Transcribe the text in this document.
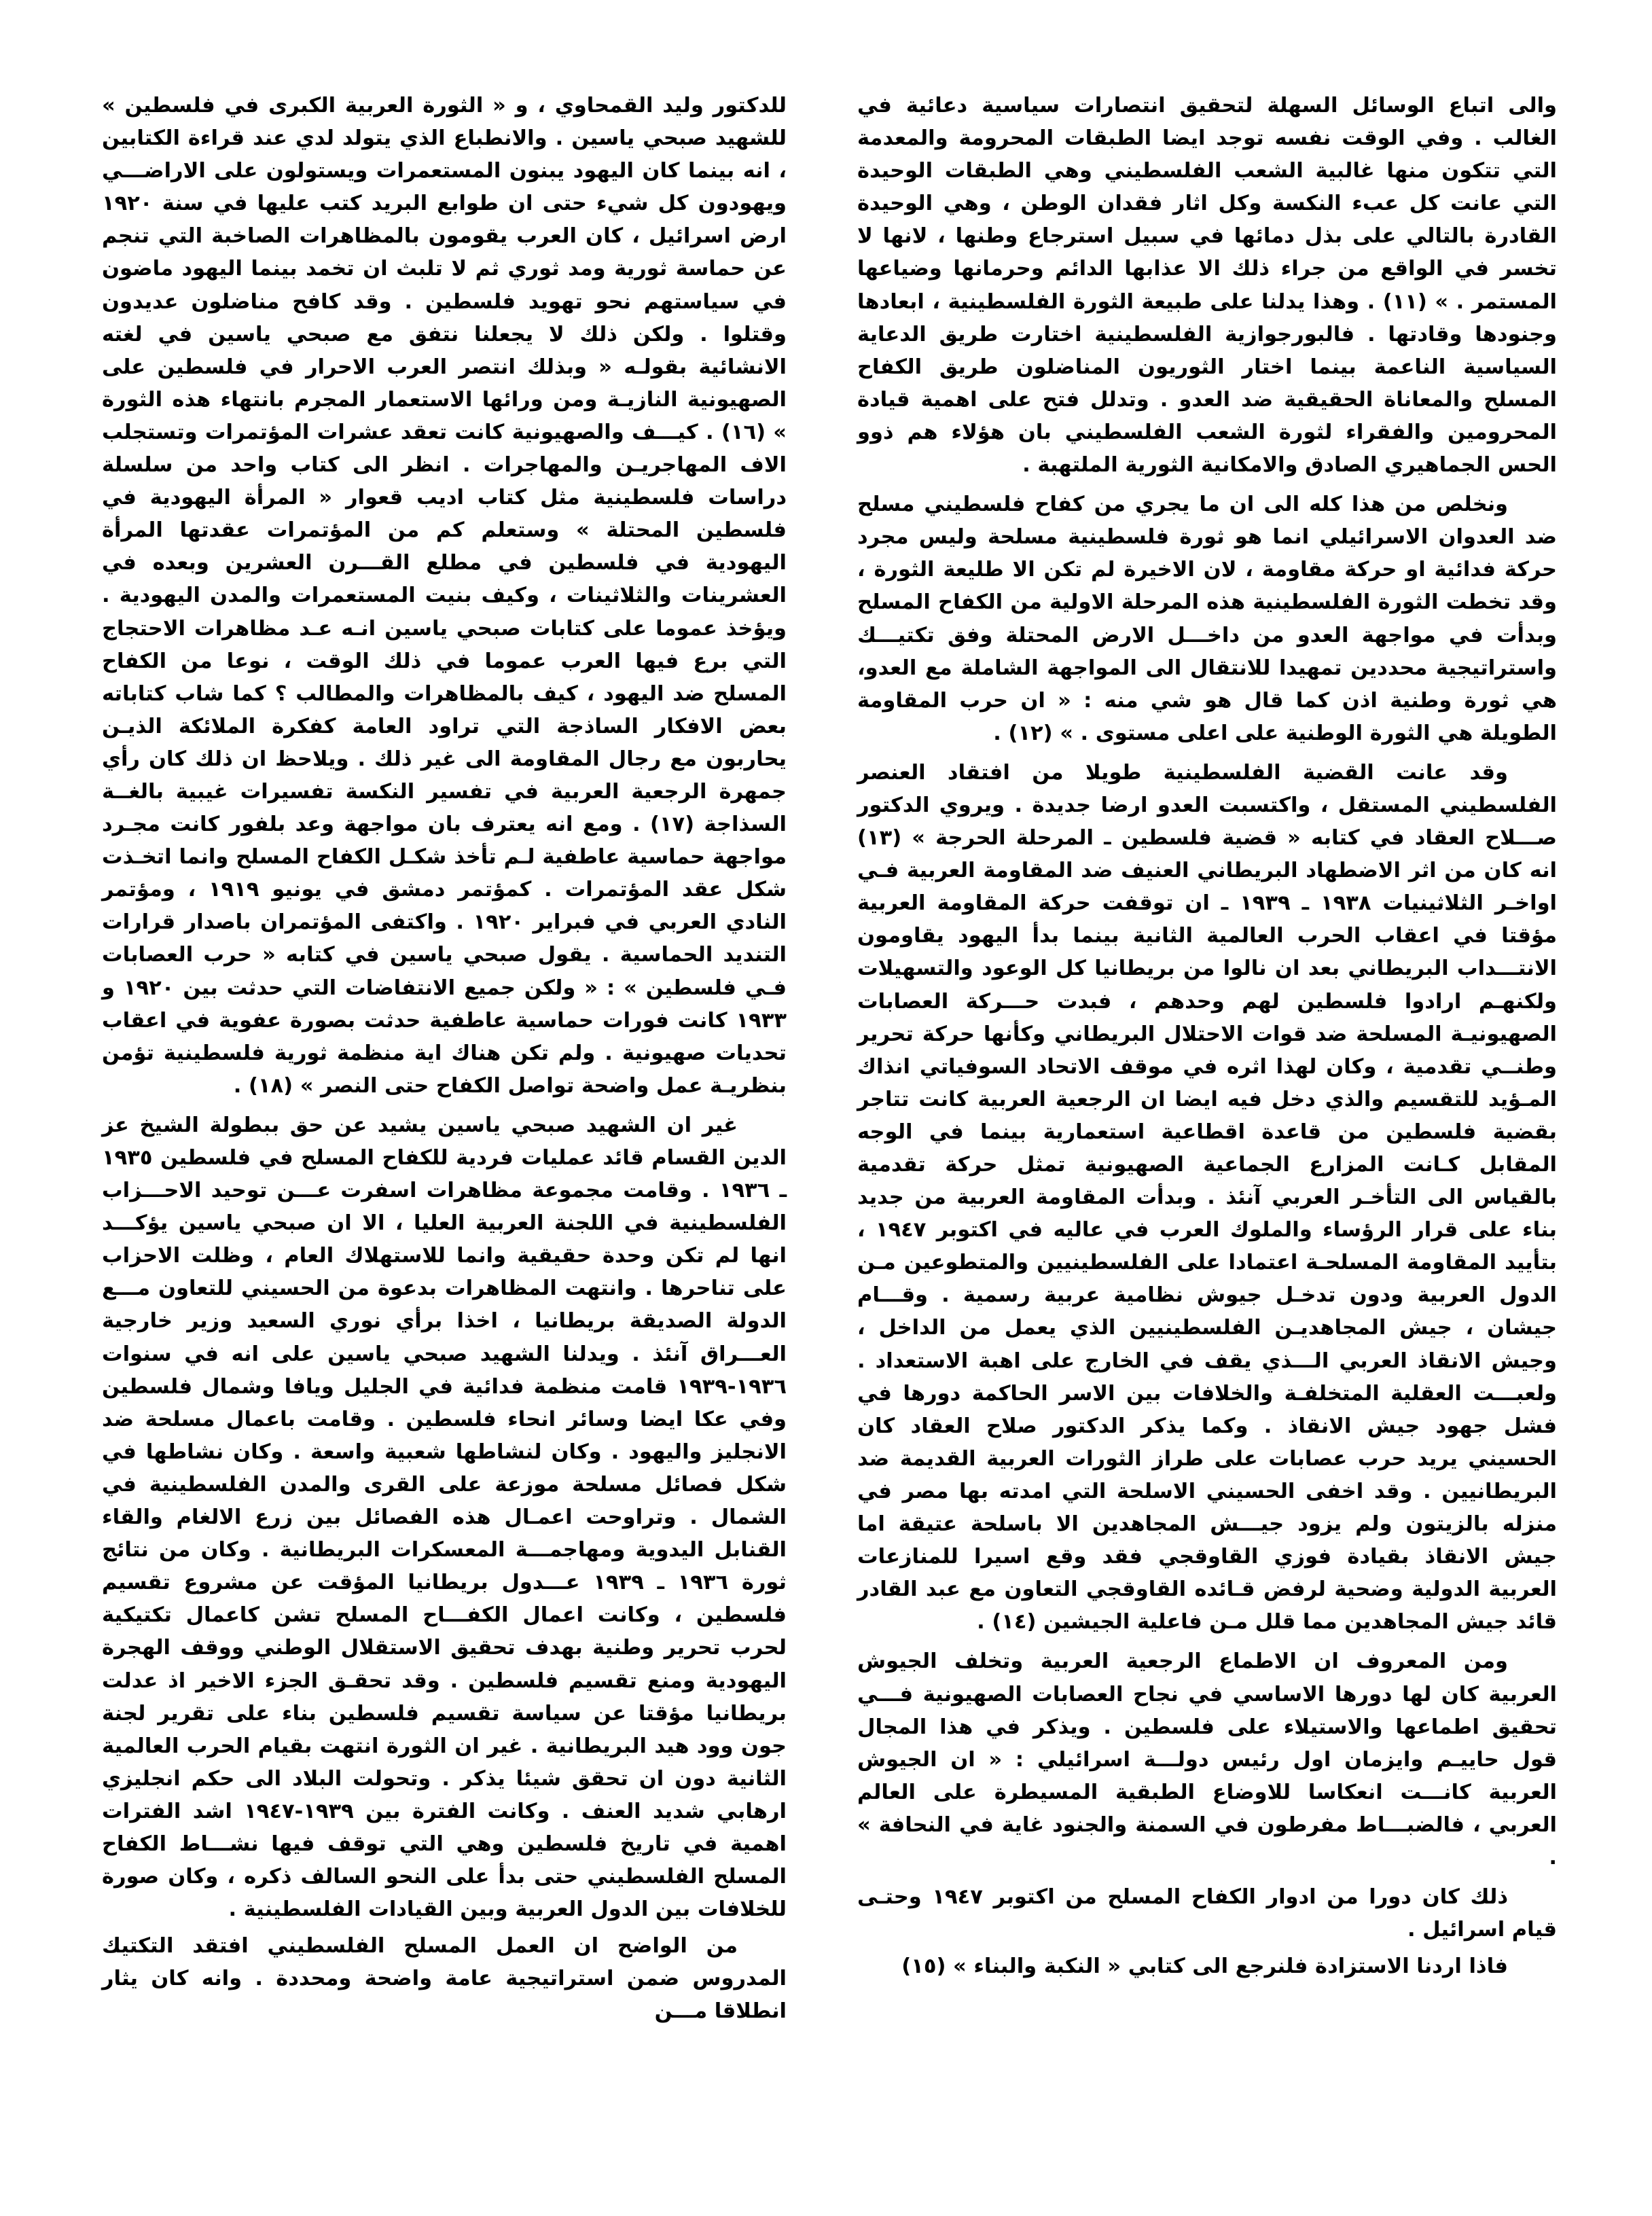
والى اتباع الوسائل السهلة لتحقيق انتصارات سياسية دعائية في الغالب . وفي الوقت نفسه توجد ايضا الطبقات المحرومة والمعدمة التي تتكون منها غالبية الشعب الفلسطيني وهي الطبقات الوحيدة التي عانت كل عبء النكسة وكل اثار فقدان الوطن ، وهي الوحيدة القادرة بالتالي على بذل دمائها في سبيل استرجاع وطنها ، لانها لا تخسر في الواقع من جراء ذلك الا عذابها الدائم وحرمانها وضياعها المستمر . » (١١) . وهذا يدلنا على طبيعة الثورة الفلسطينية ، ابعادها وجنودها وقادتها . فالبورجوازية الفلسطينية اختارت طريق الدعاية السياسية الناعمة بينما اختار الثوريون المناضلون طريق الكفاح المسلح والمعاناة الحقيقية ضد العدو . وتدلل فتح على اهمية قيادة المحرومين والفقراء لثورة الشعب الفلسطيني بان هؤلاء هم ذوو الحس الجماهيري الصادق والامكانية الثورية الملتهبة .

ونخلص من هذا كله الى ان ما يجري من كفاح فلسطيني مسلح ضد العدوان الاسرائيلي انما هو ثورة فلسطينية مسلحة وليس مجرد حركة فدائية او حركة مقاومة ، لان الاخيرة لم تكن الا طليعة الثورة ، وقد تخطت الثورة الفلسطينية هذه المرحلة الاولية من الكفاح المسلح وبدأت في مواجهة العدو من داخـــل الارض المحتلة وفق تكتيـــك واستراتيجية محددين تمهيدا للانتقال الى المواجهة الشاملة مع العدو، هي ثورة وطنية اذن كما قال هو شي منه : « ان حرب المقاومة الطويلة هي الثورة الوطنية على اعلى مستوى . » (١٢) .

وقد عانت القضية الفلسطينية طويلا من افتقاد العنصر الفلسطيني المستقل ، واكتسبت العدو ارضا جديدة . ويروي الدكتور صـــلاح العقاد في كتابه « قضية فلسطين ـ المرحلة الحرجة » (١٣) انه كان من اثر الاضطهاد البريطاني العنيف ضد المقاومة العربية فـي اواخـر الثلاثينيات ١٩٣٨ ـ ١٩٣٩ ـ ان توقفت حركة المقاومة العربية مؤقتا في اعقاب الحرب العالمية الثانية بينما بدأ اليهود يقاومون الانتـــداب البريطاني بعد ان نالوا من بريطانيا كل الوعود والتسهيلات ولكنهـم ارادوا فلسطين لهم وحدهم ، فبدت حـــركة العصابات الصهيونيـة المسلحة ضد قوات الاحتلال البريطاني وكأنها حركة تحرير وطنــي تقدمية ، وكان لهذا اثره في موقف الاتحاد السوفياتي انذاك المـؤيد للتقسيم والذي دخل فيه ايضا ان الرجعية العربية كانت تتاجر بقضية فلسطين من قاعدة اقطاعية استعمارية بينما في الوجه المقابل كـانت المزارع الجماعية الصهيونية تمثل حركة تقدمية بالقياس الى التأخـر العربي آنئذ . وبدأت المقاومة العربية من جديد بناء على قرار الرؤساء والملوك العرب في عاليه في اكتوبر ١٩٤٧ ، بتأييد المقاومة المسلحـة اعتمادا على الفلسطينيين والمتطوعين مـن الدول العربية ودون تدخـل جيوش نظامية عربية رسمية . وقـــام جيشان ، جيش المجاهديـن الفلسطينيين الذي يعمل من الداخل ، وجيش الانقاذ العربي الـــذي يقف في الخارج على اهبة الاستعداد . ولعبـــت العقلية المتخلفـة والخلافات بين الاسر الحاكمة دورها في فشل جهود جيش الانقاذ . وكما يذكر الدكتور صلاح العقاد كان الحسيني يريد حرب عصابات على طراز الثورات العربية القديمة ضد البريطانيين . وقد اخفى الحسيني الاسلحة التي امدته بها مصر في منزله بالزيتون ولم يزود جيـــش المجاهدين الا باسلحة عتيقة اما جيش الانقاذ بقيادة فوزي القاوقجي فقد وقع اسيرا للمنازعات العربية الدولية وضحية لرفض قـائده القاوقجي التعاون مع عبد القادر قائد جيش المجاهدين مما قلل مـن فاعلية الجيشين (١٤) .

ومن المعروف ان الاطماع الرجعية العربية وتخلف الجيوش العربية كان لها دورها الاساسي في نجاح العصابات الصهيونية فـــي تحقيق اطماعها والاستيلاء على فلسطين . ويذكر في هذا المجال قول حاييـم وايزمان اول رئيس دولـــة اسرائيلي : « ان الجيوش العربية كانـــت انعكاسا للاوضاع الطبقية المسيطرة على العالم العربي ، فالضبـــاط مفرطون في السمنة والجنود غاية في النحافة » .

ذلك كان دورا من ادوار الكفاح المسلح من اكتوبر ١٩٤٧ وحتـى قيام اسرائيل .

فاذا اردنا الاستزادة فلنرجع الى كتابي « النكبة والبناء » (١٥)

للدكتور وليد القمحاوي ، و « الثورة العربية الكبرى في فلسطين » للشهيد صبحي ياسين . والانطباع الذي يتولد لدي عند قراءة الكتابين ، انه بينما كان اليهود يبنون المستعمرات ويستولون على الاراضـــي ويهودون كل شيء حتى ان طوابع البريد كتب عليها في سنة ١٩٢٠ ارض اسرائيل ، كان العرب يقومون بالمظاهرات الصاخبة التي تنجم عن حماسة ثورية ومد ثوري ثم لا تلبث ان تخمد بينما اليهود ماضون في سياستهم نحو تهويد فلسطين . وقد كافح مناضلون عديدون وقتلوا . ولكن ذلك لا يجعلنا نتفق مع صبحي ياسين في لغته الانشائية بقولـه « وبذلك انتصر العرب الاحرار في فلسطين على الصهيونية النازيـة ومن ورائها الاستعمار المجرم بانتهاء هذه الثورة » (١٦) . كيـــف والصهيونية كانت تعقد عشرات المؤتمرات وتستجلب الاف المهاجريـن والمهاجرات . انظر الى كتاب واحد من سلسلة دراسات فلسطينية مثل كتاب اديب قعوار « المرأة اليهودية في فلسطين المحتلة » وستعلم كم من المؤتمرات عقدتها المرأة اليهودية في فلسطين في مطلع القـــرن العشرين وبعده في العشرينات والثلاثينات ، وكيف بنيت المستعمرات والمدن اليهودية . ويؤخذ عموما على كتابات صبحي ياسين انـه عـد مظاهرات الاحتجاج التي برع فيها العرب عموما في ذلك الوقت ، نوعا من الكفاح المسلح ضد اليهود ، كيف بالمظاهرات والمطالب ؟ كما شاب كتاباته بعض الافكار الساذجة التي تراود العامة كفكرة الملائكة الذيـن يحاربون مع رجال المقاومة الى غير ذلك . ويلاحظ ان ذلك كان رأي جمهرة الرجعية العربية في تفسير النكسة تفسيرات غيبية بالغــة السذاجة (١٧) . ومع انه يعترف بان مواجهة وعد بلفور كانت مجـرد مواجهة حماسية عاطفية لـم تأخذ شكـل الكفاح المسلح وانما اتخـذت شكل عقد المؤتمرات . كمؤتمر دمشق في يونيو ١٩١٩ ، ومؤتمر النادي العربي في فبراير ١٩٢٠ . واكتفى المؤتمران باصدار قرارات التنديد الحماسية . يقول صبحي ياسين في كتابه « حرب العصابات فـي فلسطين » : « ولكن جميع الانتفاضات التي حدثت بين ١٩٢٠ و ١٩٣٣ كانت فورات حماسية عاطفية حدثت بصورة عفوية في اعقاب تحديات صهيونية . ولم تكن هناك اية منظمة ثورية فلسطينية تؤمن بنظريـة عمل واضحة تواصل الكفاح حتى النصر » (١٨) .

غير ان الشهيد صبحي ياسين يشيد عن حق ببطولة الشيخ عز الدين القسام قائد عمليات فردية للكفاح المسلح في فلسطين ١٩٣٥ ـ ١٩٣٦ . وقامت مجموعة مظاهرات اسفرت عـــن توحيد الاحـــزاب الفلسطينية في اللجنة العربية العليا ، الا ان صبحي ياسين يؤكـــد انها لم تكن وحدة حقيقية وانما للاستهلاك العام ، وظلت الاحزاب على تناحرها . وانتهت المظاهرات بدعوة من الحسيني للتعاون مـــع الدولة الصديقة بريطانيا ، اخذا برأي نوري السعيد وزير خارجية العـــراق آنئذ . ويدلنا الشهيد صبحي ياسين على انه في سنوات ١٩٣٦-١٩٣٩ قامت منظمة فدائية في الجليل ويافا وشمال فلسطين وفي عكا ايضا وسائر انحاء فلسطين . وقامت باعمال مسلحة ضد الانجليز واليهود . وكان لنشاطها شعبية واسعة . وكان نشاطها في شكل فصائل مسلحة موزعة على القرى والمدن الفلسطينية في الشمال . وتراوحت اعمـال هذه الفصائل بين زرع الالغام والقاء القنابل اليدوية ومهاجمـــة المعسكرات البريطانية . وكان من نتائج ثورة ١٩٣٦ ـ ١٩٣٩ عـــدول بريطانيا المؤقت عن مشروع تقسيم فلسطين ، وكانت اعمال الكفـــاح المسلح تشن كاعمال تكتيكية لحرب تحرير وطنية بهدف تحقيق الاستقلال الوطني ووقف الهجرة اليهودية ومنع تقسيم فلسطين . وقد تحقـق الجزء الاخير اذ عدلت بريطانيا مؤقتا عن سياسة تقسيم فلسطين بناء على تقرير لجنة جون وود هيد البريطانية . غير ان الثورة انتهت بقيام الحرب العالمية الثانية دون ان تحقق شيئا يذكر . وتحولت البلاد الى حكم انجليزي ارهابي شديد العنف . وكانت الفترة بين ١٩٣٩-١٩٤٧ اشد الفترات اهمية في تاريخ فلسطين وهي التي توقف فيها نشـــاط الكفاح المسلح الفلسطيني حتى بدأ على النحو السالف ذكره ، وكان صورة للخلافات بين الدول العربية وبين القيادات الفلسطينية .

من الواضح ان العمل المسلح الفلسطيني افتقد التكتيك المدروس ضمن استراتيجية عامة واضحة ومحددة . وانه كان يثار انطلاقا مـــن
